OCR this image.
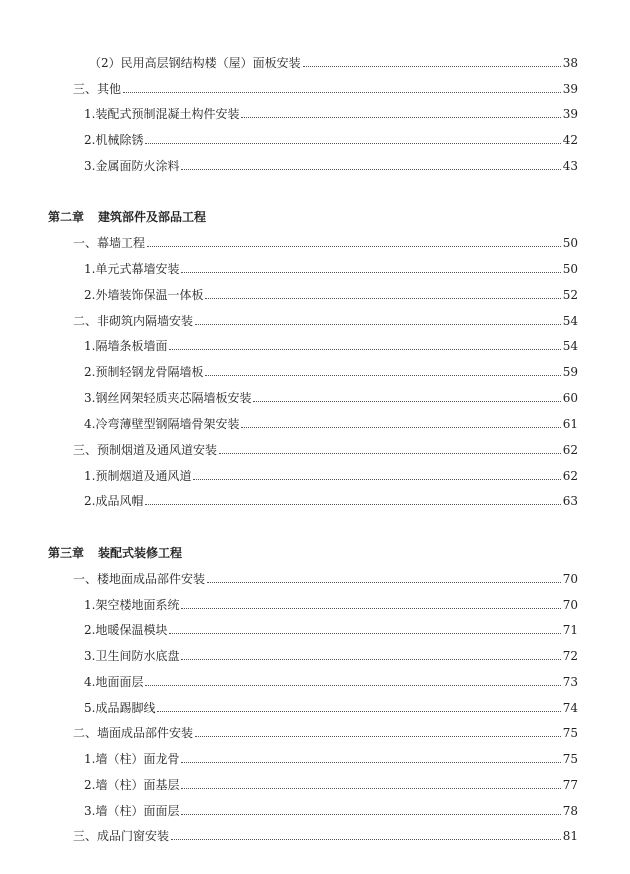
（2）民用高层钢结构楼（屋）面板安装	38
三、其他	39
1.装配式预制混凝土构件安装	39
2.机械除锈	42
3.金属面防火涂料	43
第二章 建筑部件及部品工程
一、幕墙工程	50
1.单元式幕墙安装	50
2.外墙装饰保温一体板	52
二、非砌筑内隔墙安装	54
1.隔墙条板墙面	54
2.预制轻钢龙骨隔墙板	59
3.钢丝网架轻质夹芯隔墙板安装	60
4.冷弯薄壁型钢隔墙骨架安装	61
三、预制烟道及通风道安装	62
1.预制烟道及通风道	62
2.成品风帽	63
第三章 装配式装修工程
一、楼地面成品部件安装	70
1.架空楼地面系统	70
2.地暖保温模块	71
3.卫生间防水底盘	72
4.地面面层	73
5.成品踢脚线	74
二、墙面成品部件安装	75
1.墙（柱）面龙骨	75
2.墙（柱）面基层	77
3.墙（柱）面面层	78
三、成品门窗安装	81
